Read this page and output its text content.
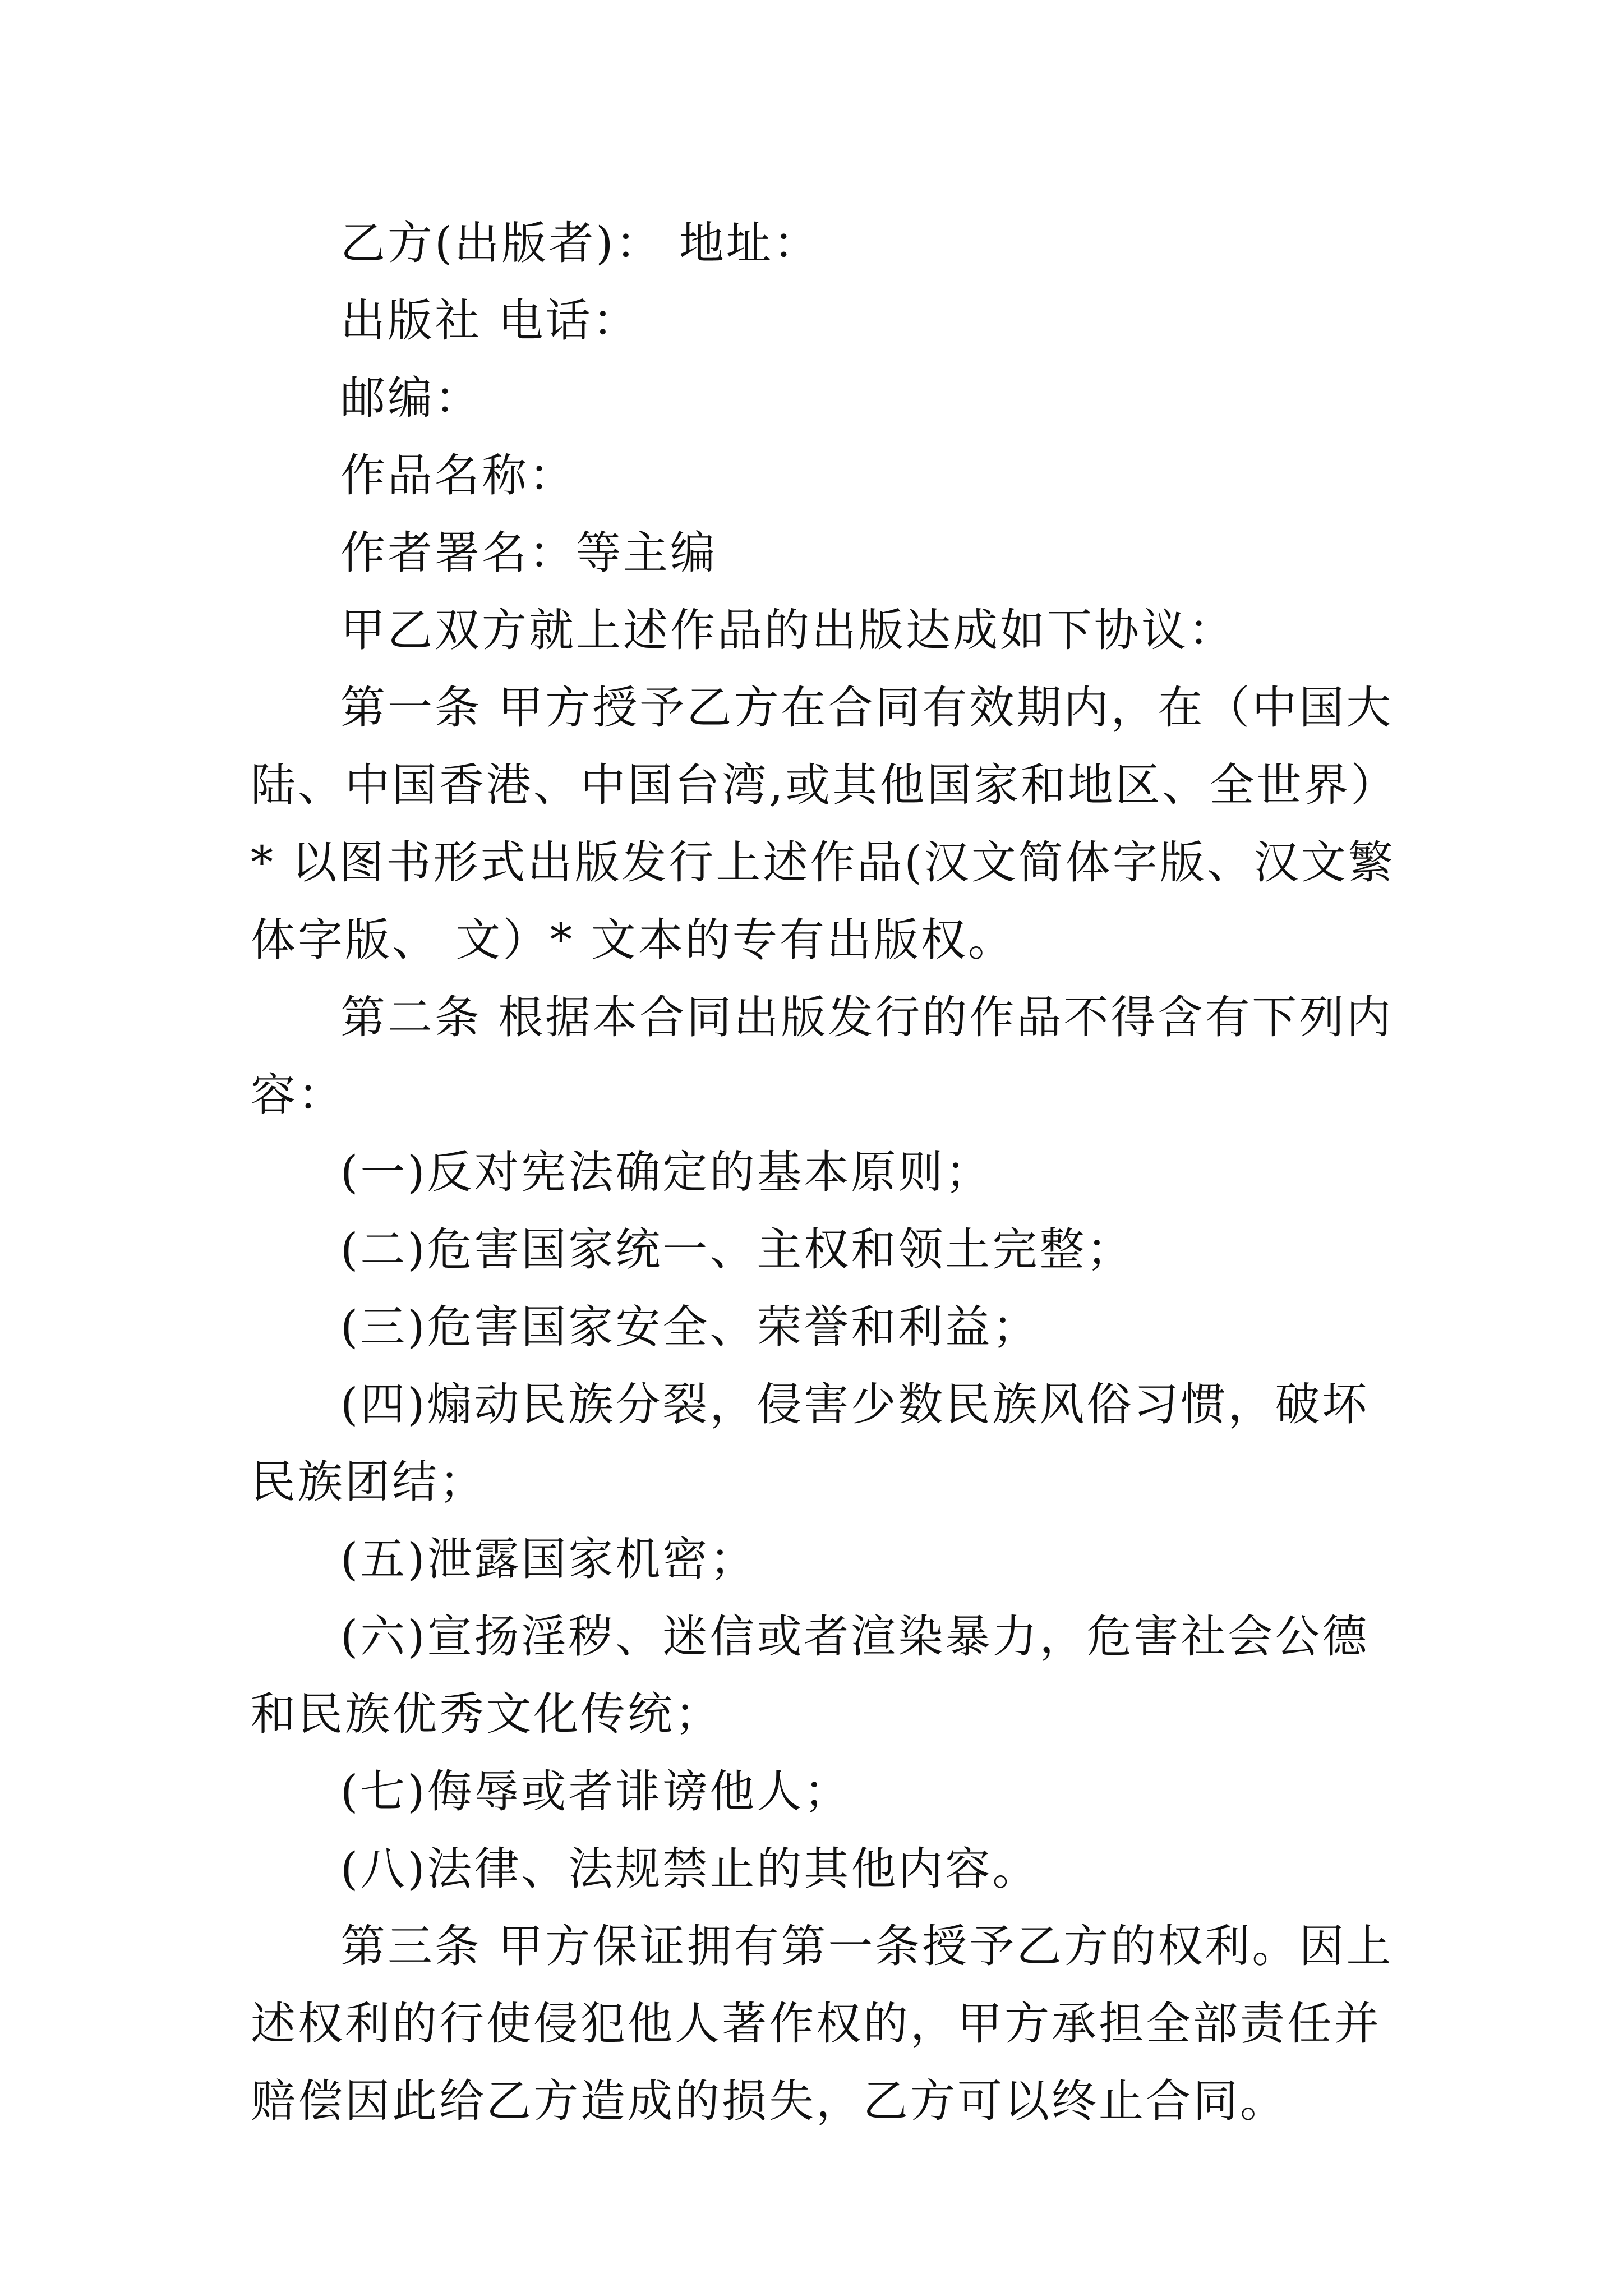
乙方(出版者)： 地址：

出版社 电话：

邮编：

作品名称：

作者署名：等主编

甲乙双方就上述作品的出版达成如下协议：

第一条 甲方授予乙方在合同有效期内，在（中国大陆、中国香港、中国台湾,或其他国家和地区、全世界）* 以图书形式出版发行上述作品(汉文简体字版、汉文繁体字版、 文）* 文本的专有出版权。

第二条 根据本合同出版发行的作品不得含有下列内容：

(一)反对宪法确定的基本原则；

(二)危害国家统一、主权和领土完整；

(三)危害国家安全、荣誉和利益；

(四)煽动民族分裂，侵害少数民族风俗习惯，破坏民族团结；

(五)泄露国家机密；

(六)宣扬淫秽、迷信或者渲染暴力，危害社会公德和民族优秀文化传统；

(七)侮辱或者诽谤他人；

(八)法律、法规禁止的其他内容。

第三条 甲方保证拥有第一条授予乙方的权利。因上述权利的行使侵犯他人著作权的，甲方承担全部责任并赔偿因此给乙方造成的损失，乙方可以终止合同。
